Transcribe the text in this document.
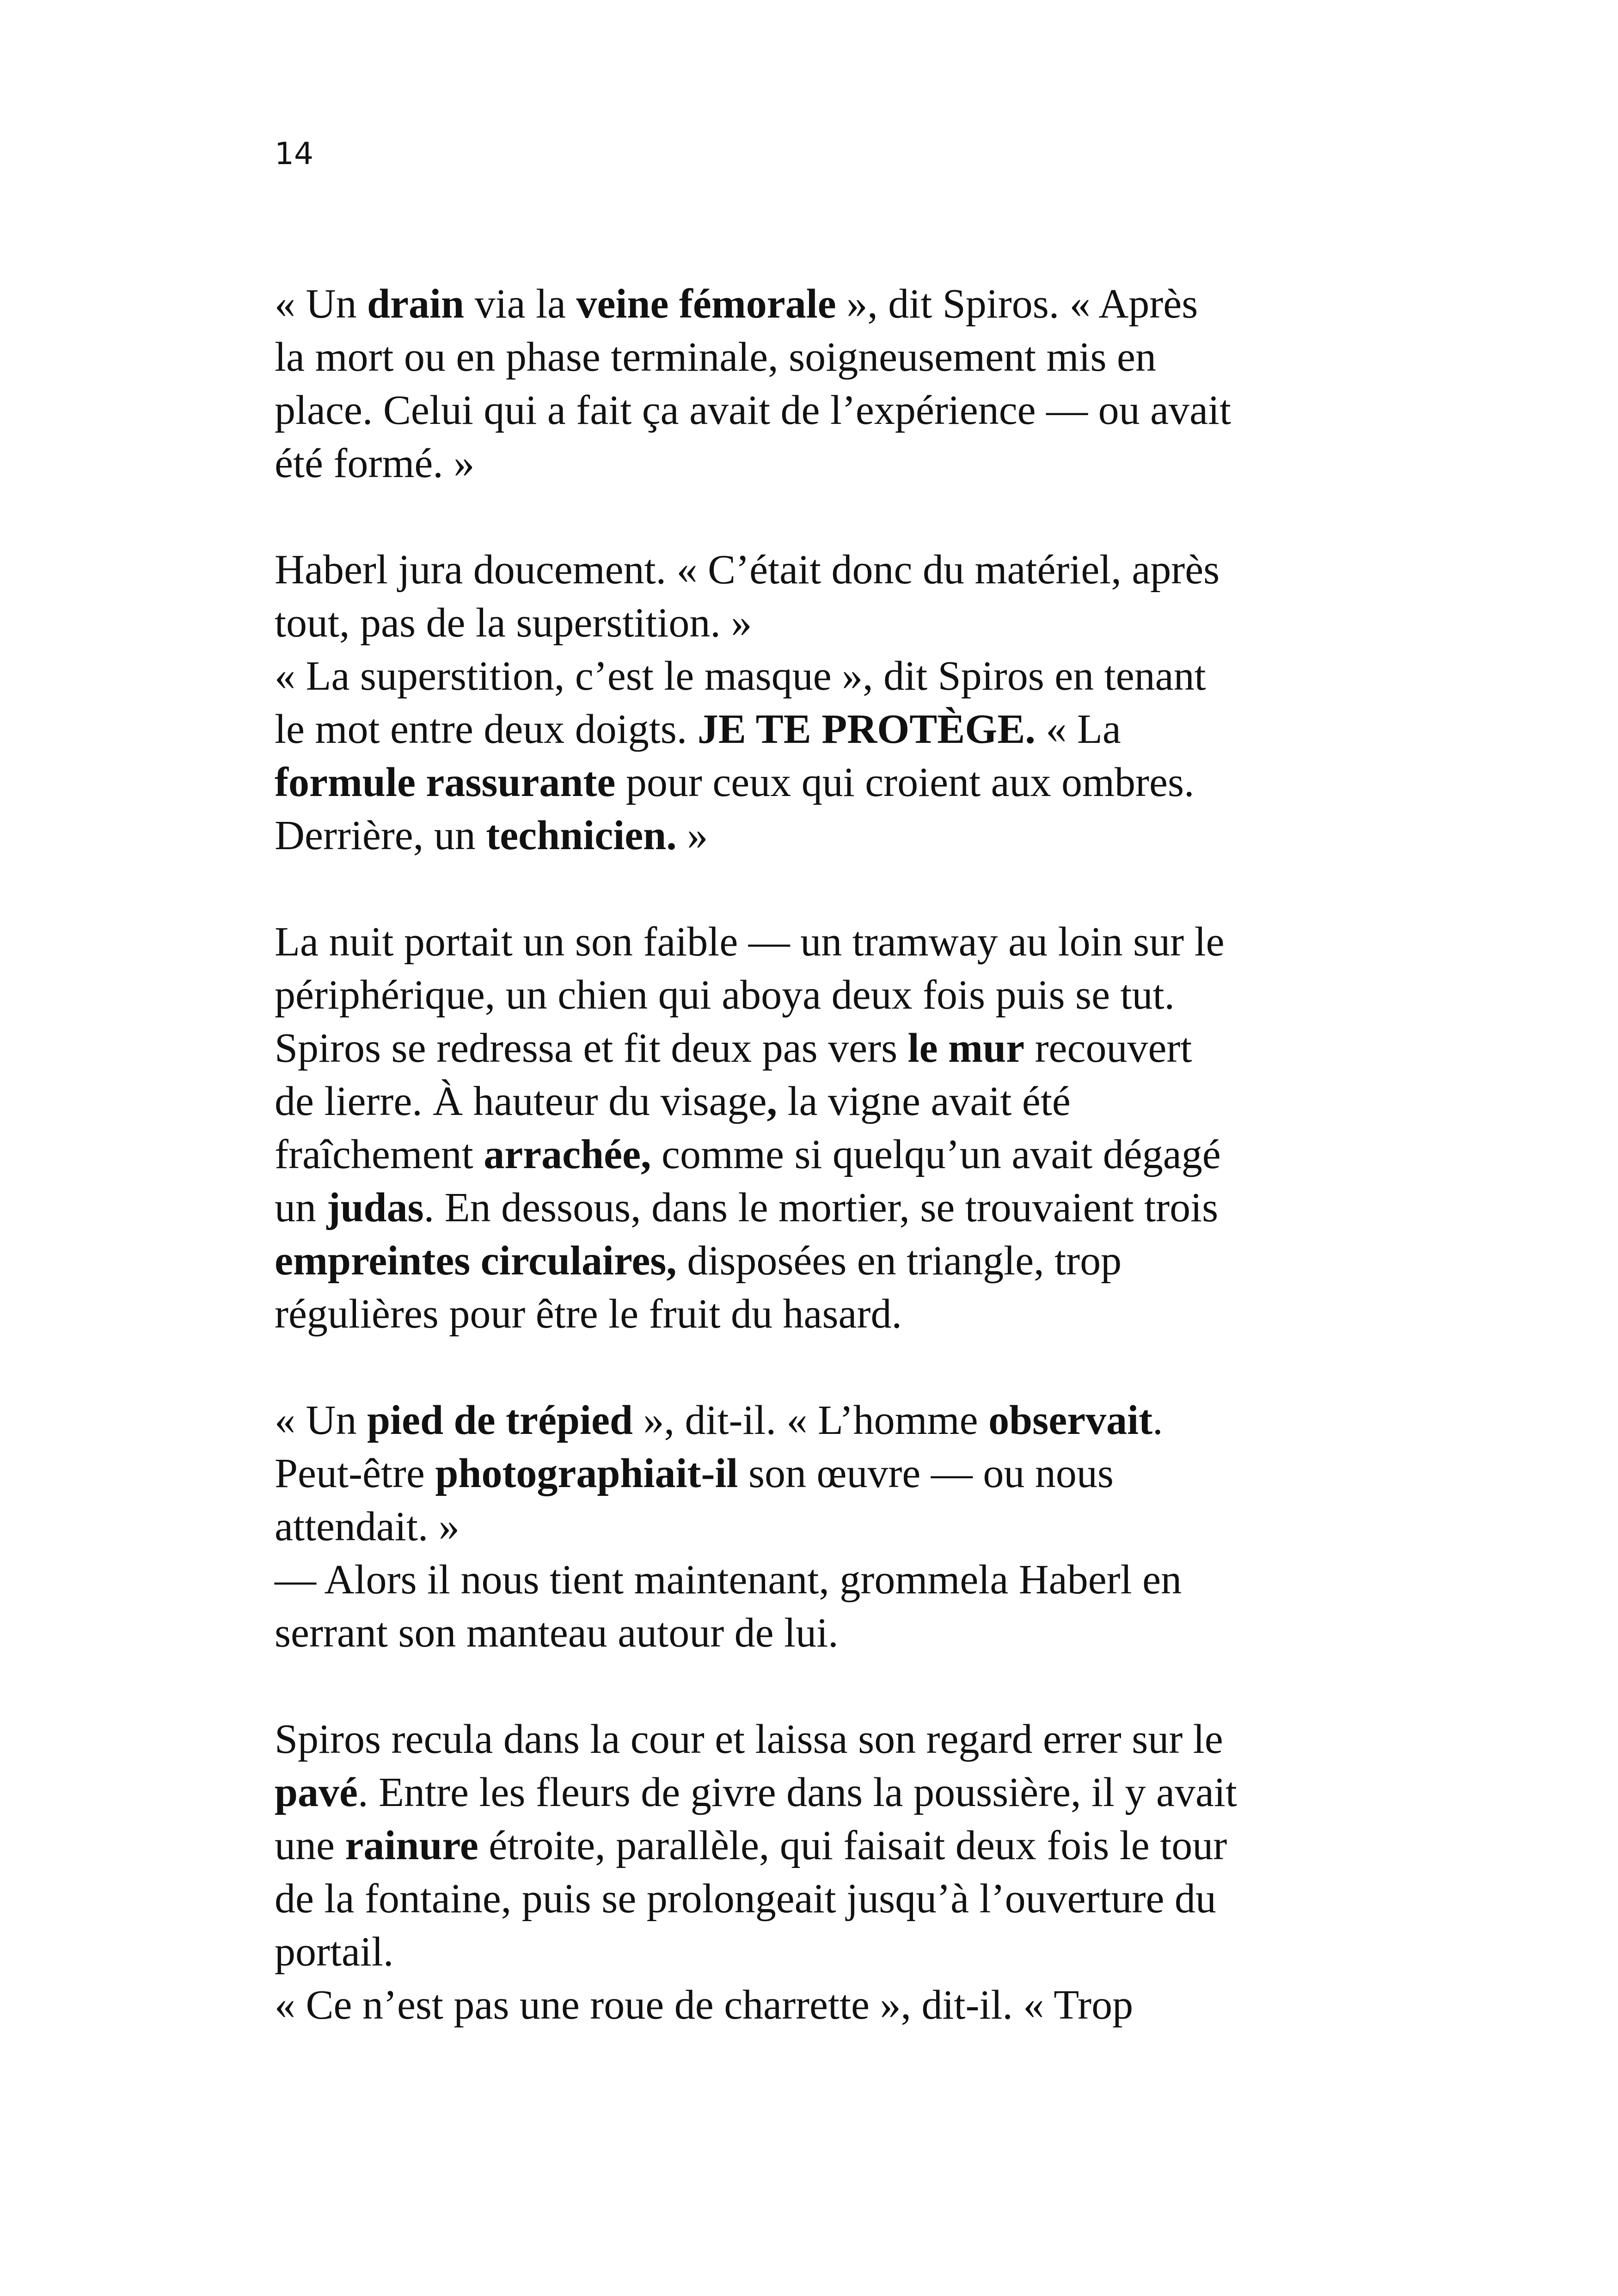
14
« Un drain via la veine fémorale », dit Spiros. « Après
la mort ou en phase terminale, soigneusement mis en
place. Celui qui a fait ça avait de l’expérience — ou avait
été formé. »
Haberl jura doucement. « C’était donc du matériel, après
tout, pas de la superstition. »
« La superstition, c’est le masque », dit Spiros en tenant
le mot entre deux doigts. JE TE PROTÈGE. « La
formule rassurante pour ceux qui croient aux ombres.
Derrière, un technicien. »
La nuit portait un son faible — un tramway au loin sur le
périphérique, un chien qui aboya deux fois puis se tut.
Spiros se redressa et fit deux pas vers le mur recouvert
de lierre. À hauteur du visage, la vigne avait été
fraîchement arrachée, comme si quelqu’un avait dégagé
un judas. En dessous, dans le mortier, se trouvaient trois
empreintes circulaires, disposées en triangle, trop
régulières pour être le fruit du hasard.
« Un pied de trépied », dit-il. « L’homme observait.
Peut-être photographiait-il son œuvre — ou nous
attendait. »
— Alors il nous tient maintenant, grommela Haberl en
serrant son manteau autour de lui.
Spiros recula dans la cour et laissa son regard errer sur le
pavé. Entre les fleurs de givre dans la poussière, il y avait
une rainure étroite, parallèle, qui faisait deux fois le tour
de la fontaine, puis se prolongeait jusqu’à l’ouverture du
portail.
« Ce n’est pas une roue de charrette », dit-il. « Trop
